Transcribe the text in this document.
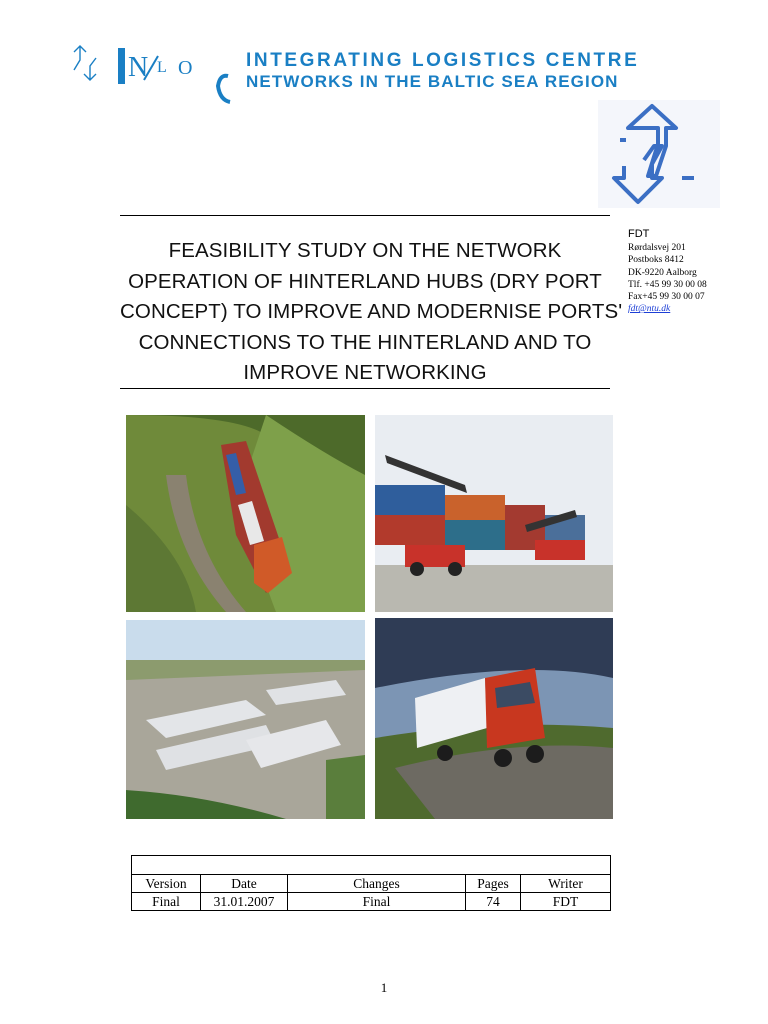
N L O	INTEGRATING LOGISTICS CENTRE
NETWORKS IN THE BALTIC SEA REGION
FEASIBILITY STUDY ON THE NETWORK
OPERATION OF HINTERLAND HUBS (DRY PORT
CONCEPT) TO IMPROVE AND MODERNISE PORTS'
CONNECTIONS TO THE HINTERLAND AND TO
IMPROVE NETWORKING
FDT
Rørdalsvej 201
Postboks 8412
DK-9220 Aalborg
Tlf. +45 99 30 00 08
Fax+45 99 30 00 07
fdt@ntu.dk

Version	Date	Changes	Pages	Writer
Final	31.01.2007	Final	74	FDT
1
